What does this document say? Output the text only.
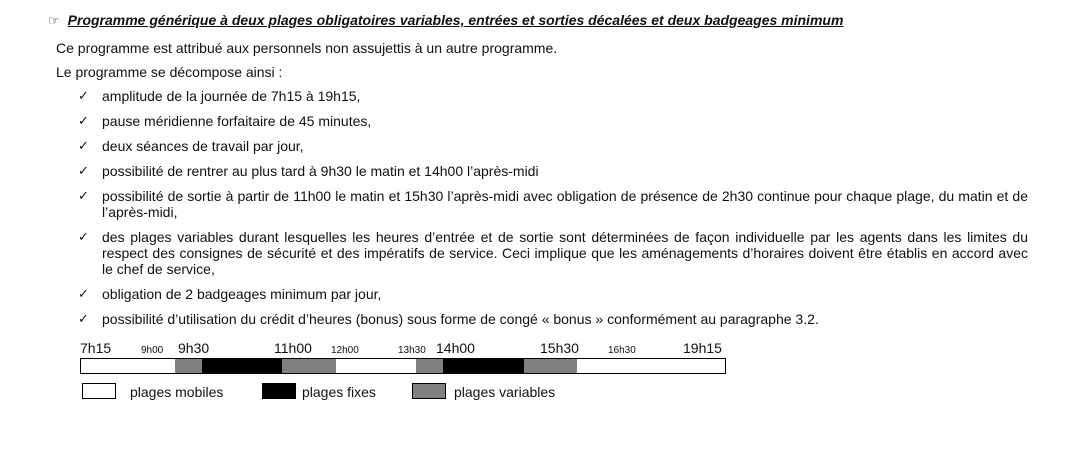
☞ Programme générique à deux plages obligatoires variables, entrées et sorties décalées et deux badgeages minimum
Ce programme est attribué aux personnels non assujettis à un autre programme.
Le programme se décompose ainsi :

✓ amplitude de la journée de 7h15 à 19h15,

✓ pause méridienne forfaitaire de 45 minutes,

✓ deux séances de travail par jour,

✓ possibilité de rentrer au plus tard à 9h30 le matin et 14h00 l’après-midi

✓ possibilité de sortie à partir de 11h00 le matin et 15h30 l’après-midi avec obligation de présence de 2h30 continue pour chaque plage, du matin et de l’après-midi,

✓ des plages variables durant lesquelles les heures d’entrée et de sortie sont déterminées de façon individuelle par les agents dans les limites du respect des consignes de sécurité et des impératifs de service. Ceci implique que les aménagements d’horaires doivent être établis en accord avec le chef de service,

✓ obligation de 2 badgeages minimum par jour,

✓ possibilité d’utilisation du crédit d’heures (bonus) sous forme de congé « bonus » conformément au paragraphe 3.2.

7h15	9h00 9h30	11h00 12h00	13h30 14h00	15h30	16h30	19h15
plages mobiles	plages fixes	plages variables
